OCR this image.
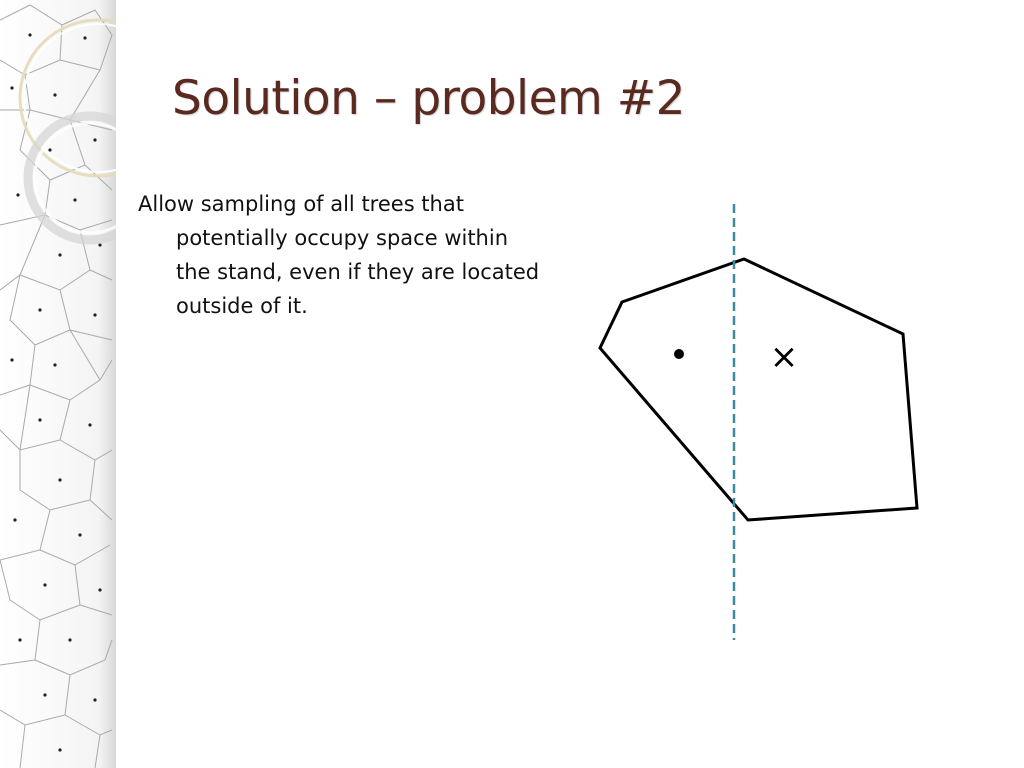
Solution – problem #2

Allow sampling of all trees that potentially occupy space within the stand, even if they are located outside of it.

×
